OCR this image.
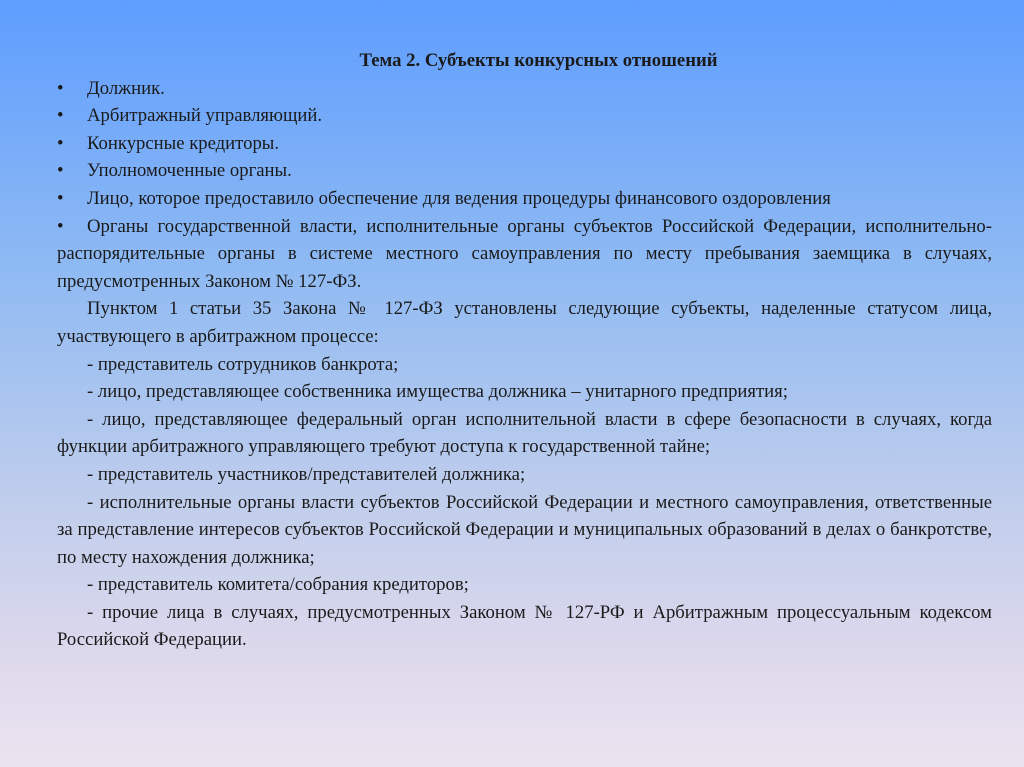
Тема 2. Субъекты конкурсных отношений

•	Должник.
•	Арбитражный управляющий.
•	Конкурсные кредиторы.
•	Уполномоченные органы.

• Лицо, которое предоставило обеспечение для ведения процедуры финансового оздоровления

• Органы государственной власти, исполнительные органы субъектов Российской Федерации, исполнительно-распорядительные органы в системе местного самоуправления по месту пребывания заемщика в случаях, предусмотренных Законом № 127-ФЗ.

Пунктом 1 статьи 35 Закона № 127-ФЗ установлены следующие субъекты, наделенные статусом лица, участвующего в арбитражном процессе:

- представитель сотрудников банкрота;

- лицо, представляющее собственника имущества должника – унитарного предприятия;

- лицо, представляющее федеральный орган исполнительной власти в сфере безопасности в случаях, когда функции арбитражного управляющего требуют доступа к государственной тайне;

- представитель участников/представителей должника;

- исполнительные органы власти субъектов Российской Федерации и местного самоуправления, ответственные за представление интересов субъектов Российской Федерации и муниципальных образований в делах о банкротстве, по месту нахождения должника;

- представитель комитета/собрания кредиторов;

- прочие лица в случаях, предусмотренных Законом № 127-РФ и Арбитражным процессуальным кодексом Российской Федерации.
